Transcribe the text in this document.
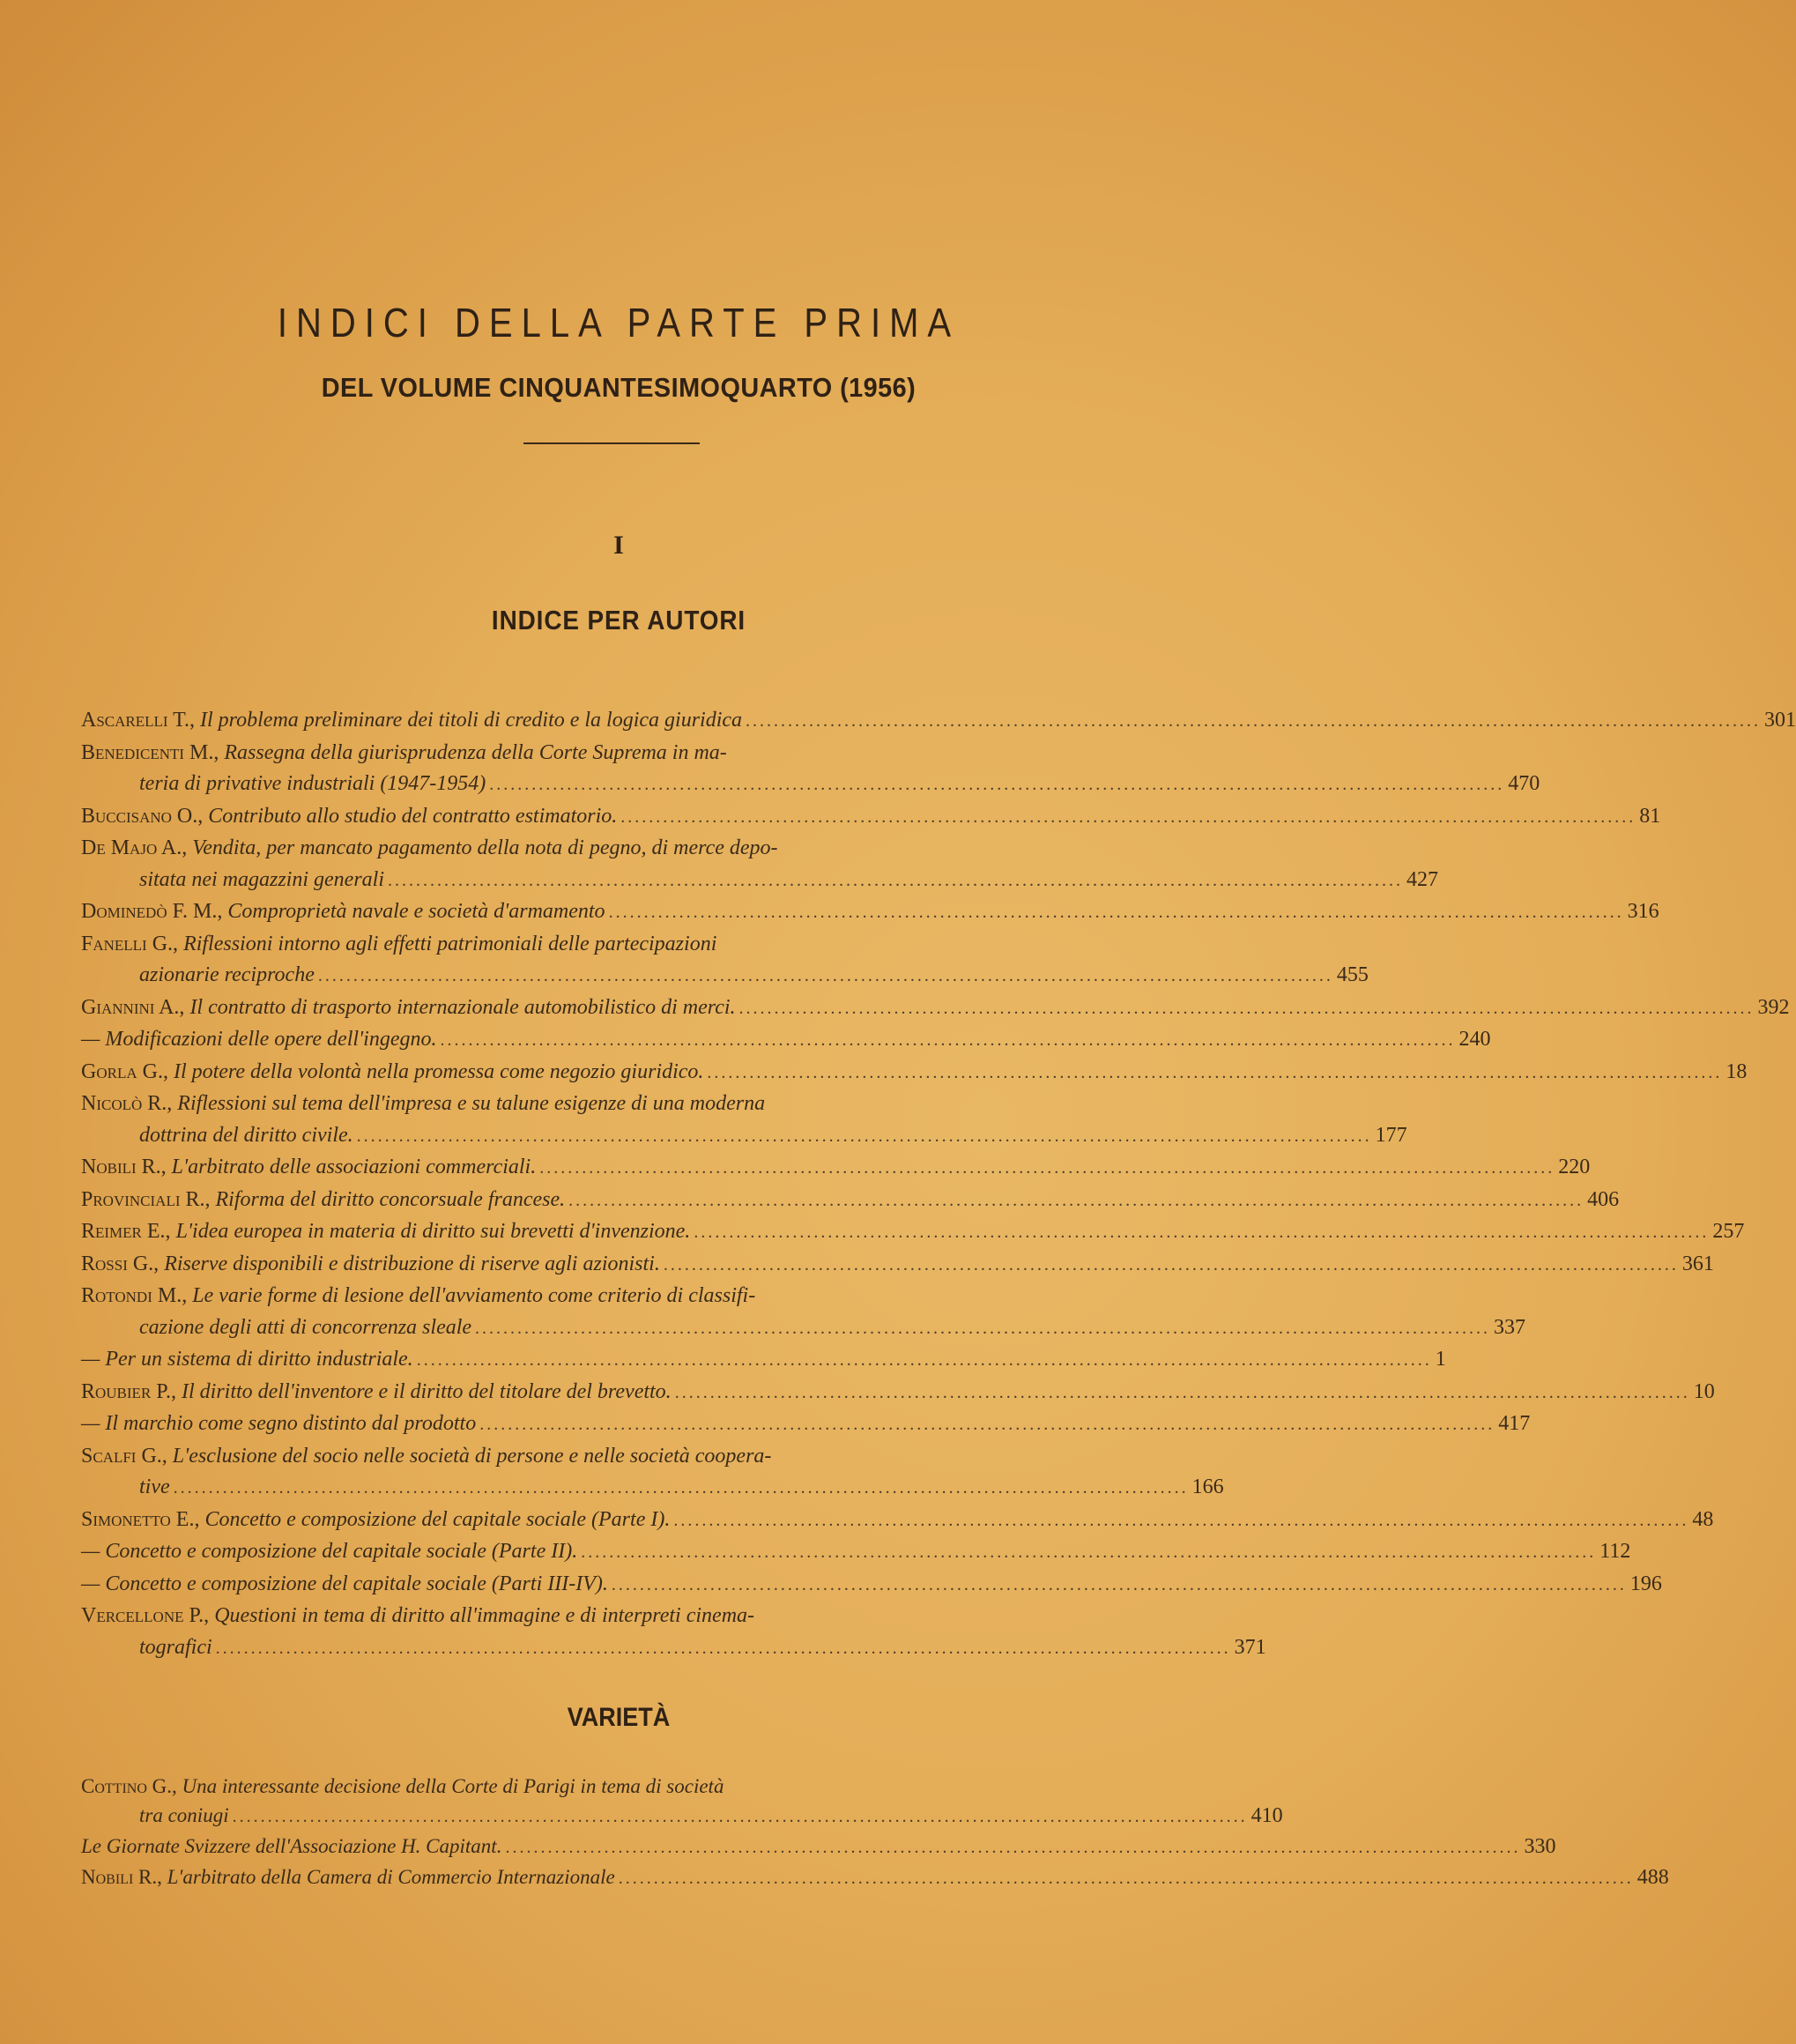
INDICI DELLA PARTE PRIMA
DEL VOLUME CINQUANTESIMOQUARTO (1956)
I
INDICE PER AUTORI
Ascarelli T., Il problema preliminare dei titoli di credito e la logica giuridica ................................................................................................................................................ 301
Benedicenti M., Rassegna della giurisprudenza della Corte Suprema in ma-
teria di privative industriali (1947-1954) ................................................................................................................................................ 470
Buccisano O., Contributo allo studio del contratto estimatorio. ................................................................................................................................................ 81
De Majo A., Vendita, per mancato pagamento della nota di pegno, di merce depo-
sitata nei magazzini generali ................................................................................................................................................ 427
Dominedò F. M., Comproprietà navale e società d'armamento ................................................................................................................................................ 316
Fanelli G., Riflessioni intorno agli effetti patrimoniali delle partecipazioni
azionarie reciproche ................................................................................................................................................ 455
Giannini A., Il contratto di trasporto internazionale automobilistico di merci. ................................................................................................................................................ 392
— Modificazioni delle opere dell'ingegno. ................................................................................................................................................ 240
Gorla G., Il potere della volontà nella promessa come negozio giuridico. ................................................................................................................................................ 18
Nicolò R., Riflessioni sul tema dell'impresa e su talune esigenze di una moderna
dottrina del diritto civile. ................................................................................................................................................ 177
Nobili R., L'arbitrato delle associazioni commerciali. ................................................................................................................................................ 220
Provinciali R., Riforma del diritto concorsuale francese. ................................................................................................................................................ 406
Reimer E., L'idea europea in materia di diritto sui brevetti d'invenzione. ................................................................................................................................................ 257
Rossi G., Riserve disponibili e distribuzione di riserve agli azionisti. ................................................................................................................................................ 361
Rotondi M., Le varie forme di lesione dell'avviamento come criterio di classifi-
cazione degli atti di concorrenza sleale ................................................................................................................................................ 337
— Per un sistema di diritto industriale. ................................................................................................................................................ 1
Roubier P., Il diritto dell'inventore e il diritto del titolare del brevetto. ................................................................................................................................................ 10
— Il marchio come segno distinto dal prodotto ................................................................................................................................................ 417
Scalfi G., L'esclusione del socio nelle società di persone e nelle società coopera-
tive ................................................................................................................................................ 166
Simonetto E., Concetto e composizione del capitale sociale (Parte I). ................................................................................................................................................ 48
— Concetto e composizione del capitale sociale (Parte II). ................................................................................................................................................ 112
— Concetto e composizione del capitale sociale (Parti III-IV). ................................................................................................................................................ 196
Vercellone P., Questioni in tema di diritto all'immagine e di interpreti cinema-
tografici ................................................................................................................................................ 371
VARIETÀ
Cottino G., Una interessante decisione della Corte di Parigi in tema di società
tra coniugi ................................................................................................................................................ 410
Le Giornate Svizzere dell'Associazione H. Capitant. ................................................................................................................................................ 330
Nobili R., L'arbitrato della Camera di Commercio Internazionale ................................................................................................................................................ 488
